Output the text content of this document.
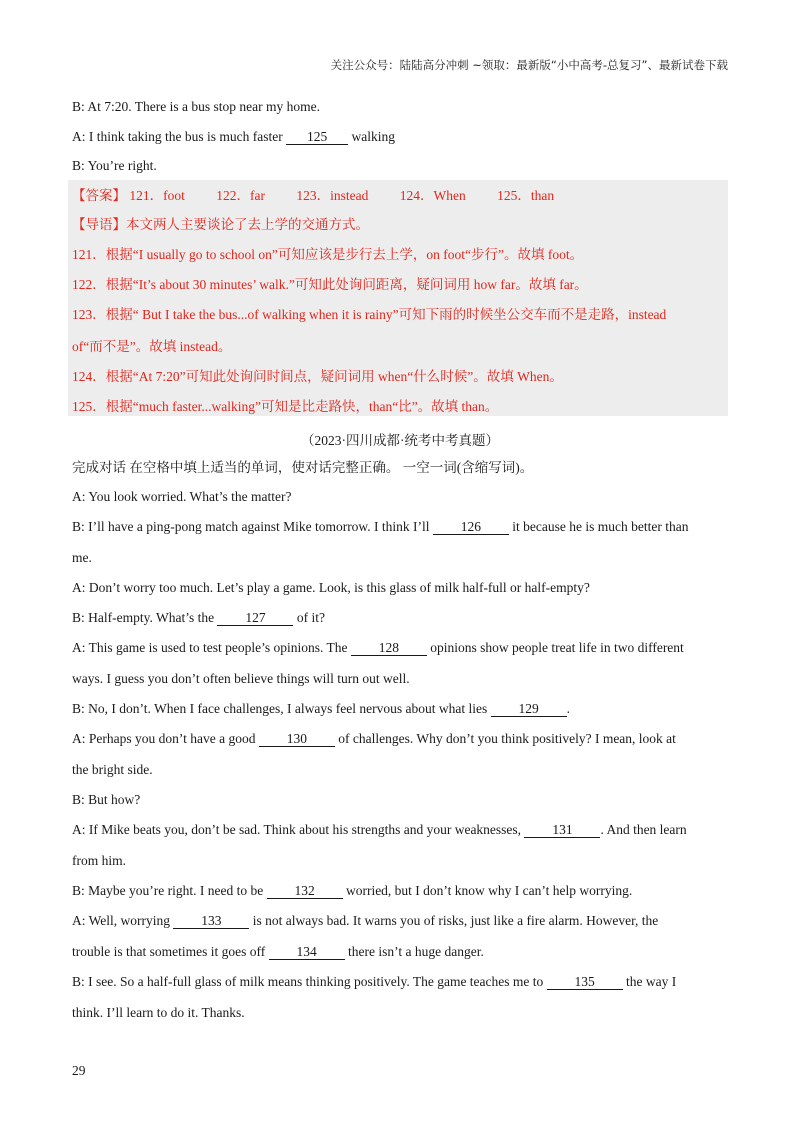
关注公众号：陆陆高分冲刺 ~领取：最新版“小中高考-总复习”、最新试卷下载
B: At 7:20. There is a bus stop near my home.
A: I think taking the bus is much faster 125 walking
B: You’re right.
【答案】 121．foot 122．far 123．instead 124．When 125．than
【导语】本文两人主要谈论了去上学的交通方式。
121．根据“I usually go to school on”可知应该是步行去上学，on foot“步行”。故填 foot。
122．根据“It’s about 30 minutes’ walk.”可知此处询问距离，疑问词用 how far。故填 far。
123．根据“ But I take the bus...of walking when it is rainy”可知下雨的时候坐公交车而不是走路，instead
of“而不是”。故填 instead。
124．根据“At 7:20”可知此处询问时间点，疑问词用 when“什么时候”。故填 When。
125．根据“much faster...walking”可知是比走路快，than“比”。故填 than。
（2023·四川成都·统考中考真题）
完成对话 在空格中填上适当的单词，使对话完整正确。 一空一词(含缩写词)。
A: You look worried. What’s the matter?
B: I’ll have a ping-pong match against Mike tomorrow. I think I’ll 126 it because he is much better than
me.
A: Don’t worry too much. Let’s play a game. Look, is this glass of milk half-full or half-empty?
B: Half-empty. What’s the 127 of it?
A: This game is used to test people’s opinions. The 128 opinions show people treat life in two different
ways. I guess you don’t often believe things will turn out well.
B: No, I don’t. When I face challenges, I always feel nervous about what lies 129 .
A: Perhaps you don’t have a good 130 of challenges. Why don’t you think positively? I mean, look at
the bright side.
B: But how?
A: If Mike beats you, don’t be sad. Think about his strengths and your weaknesses, 131 . And then learn
from him.
B: Maybe you’re right. I need to be 132 worried, but I don’t know why I can’t help worrying.
A: Well, worrying 133 is not always bad. It warns you of risks, just like a fire alarm. However, the
trouble is that sometimes it goes off 134 there isn’t a huge danger.
B: I see. So a half-full glass of milk means thinking positively. The game teaches me to 135 the way I
think. I’ll learn to do it. Thanks.
29
